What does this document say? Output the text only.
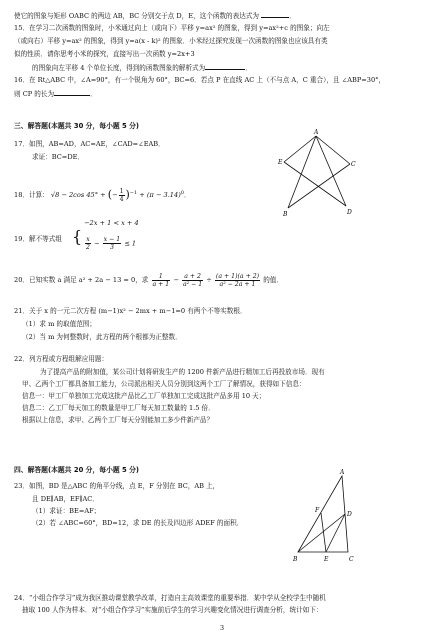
使它的图象与矩形 OABC 的两边 AB，BC 分别交于点 D，E，这个函数的表达式为	．
15．在学习二次函数的图象时，小米通过向上（或向下）平移 y=ax² 的图象，得到 y=ax²+c 的图象；向左
（或向右）平移 y=ax² 的图象，得到 y=a(x - k)² 的图象．小米经过探究发现一次函数的图象也应该具有类
似的性质．请你思考小米的探究，直接写出一次函数 y=2x+3
的图象向左平移 4 个单位长度，得到的函数图象的解析式为	．
16．在 Rt△ABC 中，∠A=90°，有一个锐角为 60°，BC=6．若点 P 在直线 AC 上（不与点 A，C 重合），且 ∠ABP=30°，
则 CP 的长为	．
三、解答题(本题共 30 分，每小题 5 分)
17．如图，AB=AD，AC=AE，∠CAD=∠EAB．
求证：BC=DE．
A
E	C
B	D
18．计算： √8 − 2cos 45° + (− $\frac{1}{4} )^{-1} + (\pi - 3.14)^0$．
19．解不等式组 {
−2x + 1 < x + 4
$\frac{x}{2} - \frac{x - 1}{3} \le 1$
20．已知实数 a 满足 a² + 2a − 13 = 0，求 $\frac{1}{a + 1} - \frac{a + 2}{\text{a² − 1}} \div \frac{(a + 1)(a + 2)}{\text{a² − 2a + 1}}$ 的值．
21．关于 x 的一元二次方程 (m−1)x² − 2mx + m−1=0 有两个不等实数根．
（1）求 m 的取值范围；
（2）当 m 为何整数时，此方程的两个根都为正整数．
22．列方程或方程组解应用题：
为了提高产品的附加值，某公司计划将研发生产的 1200 件新产品进行精加工后再投放市场．现有
甲、乙两个工厂都具备加工能力，公司派出相关人员分别到这两个工厂了解情况，获得如下信息：
信息一：甲工厂单独加工完成这批产品比乙工厂单独加工完成这批产品多用 10 天；
信息二：乙工厂每天加工的数量是甲工厂每天加工数量的 1.5 倍．
根据以上信息，求甲、乙两个工厂每天分别能加工多少件新产品？
四、解答题(本题共 20 分，每小题 5 分)
23．如图，BD 是△ABC 的角平分线，点 E，F 分别在 BC，AB 上，
且 DE∥AB，EF∥AC．
（1）求证：BE=AF；
（2）若 ∠ABC=60°，BD=12，求 DE 的长及四边形 ADEF 的面积．
A
F
D
B	E	C
24．“小组合作学习”成为我区推动课堂教学改革，打造自主高效课堂的重要举措．某中学从全校学生中随机
抽取 100 人作为样本．对“小组合作学习”实施前后学生的学习兴趣变化情况进行调查分析，统计如下：
3
